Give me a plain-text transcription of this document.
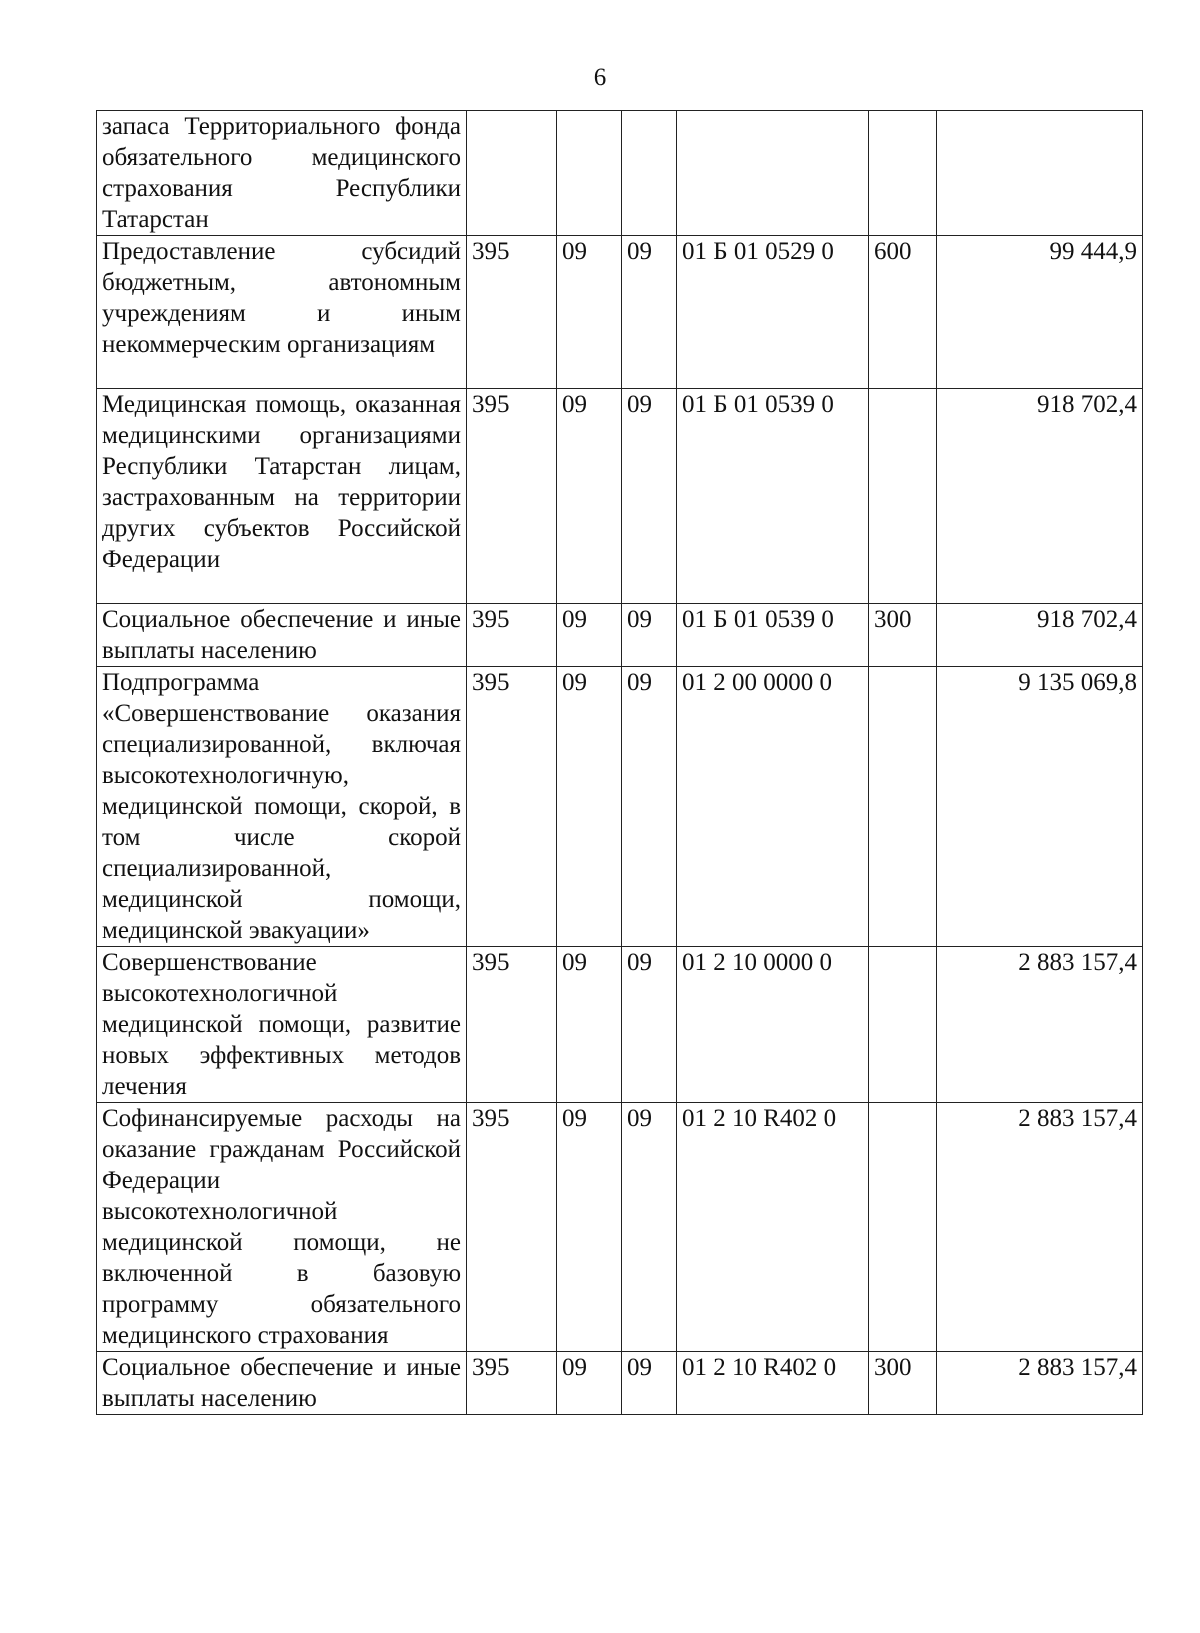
6
запаса Территориального фонда обязательного медицинского страхования Республики Татарстан						
Предоставление субсидий бюджетным, автономным учреждениям и иным некоммерческим организациям	395	09	09	01 Б 01 0529 0	600	99 444,9
Медицинская помощь, оказанная медицинскими организациями Республики Татарстан лицам, застрахованным на территории других субъектов Российской Федерации	395	09	09	01 Б 01 0539 0		918 702,4
Социальное обеспечение и иные выплаты населению	395	09	09	01 Б 01 0539 0	300	918 702,4
Подпрограмма «Совершенствование оказания специализированной, включая высокотехнологичную, медицинской помощи, скорой, в том числе скорой специализированной, медицинской помощи, медицинской эвакуации»	395	09	09	01 2 00 0000 0		9 135 069,8
Совершенствование высокотехнологичной медицинской помощи, развитие новых эффективных методов лечения	395	09	09	01 2 10 0000 0		2 883 157,4
Софинансируемые расходы на оказание гражданам Российской Федерации высокотехнологичной медицинской помощи, не включенной в базовую программу обязательного медицинского страхования	395	09	09	01 2 10 R402 0		2 883 157,4
Социальное обеспечение и иные выплаты населению	395	09	09	01 2 10 R402 0	300	2 883 157,4
